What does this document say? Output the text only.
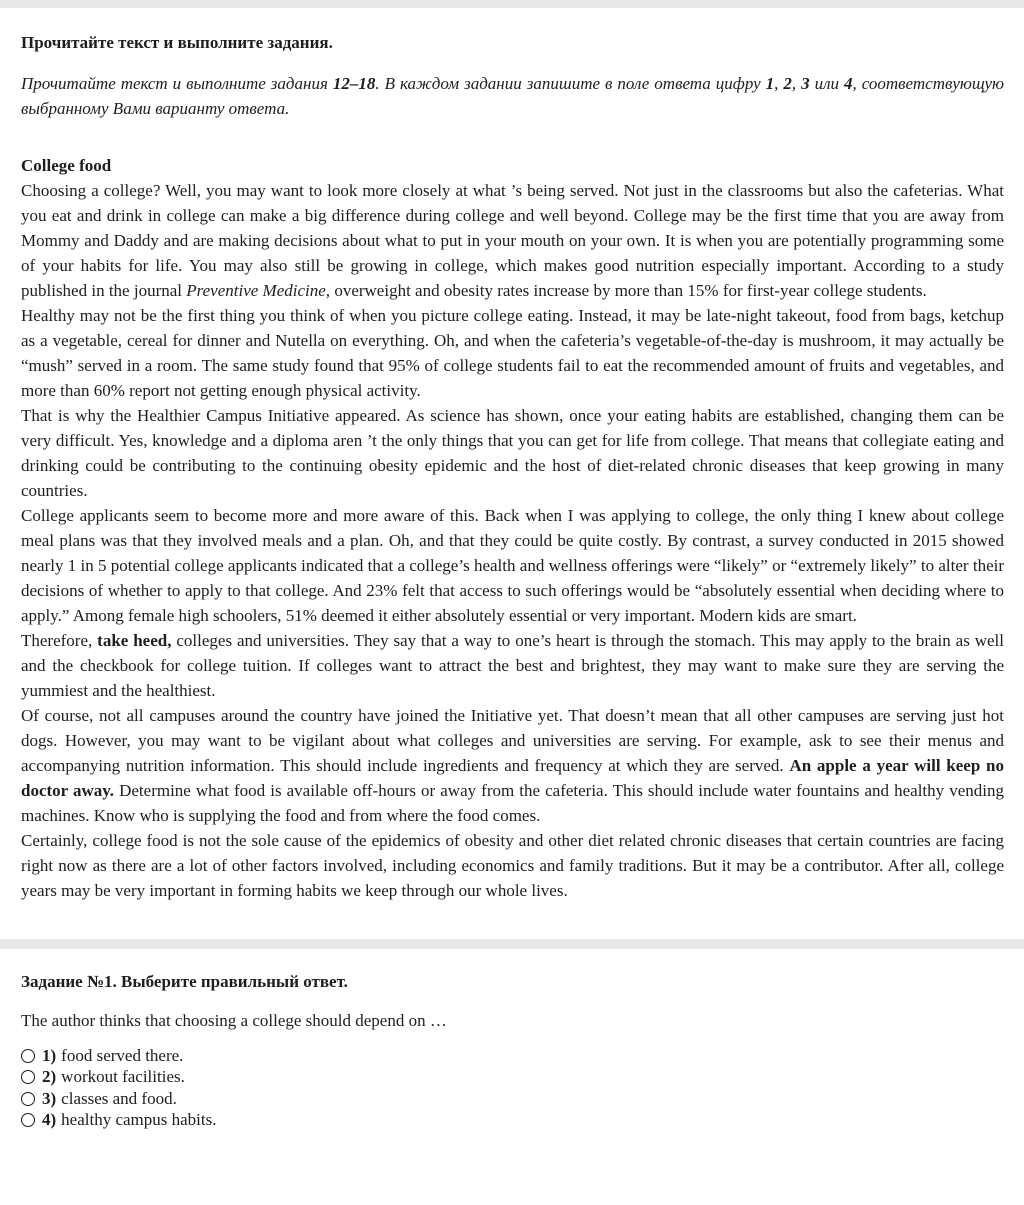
Прочитайте текст и выполните задания.

Прочитайте текст и выполните задания 12–18. В каждом задании запишите в поле ответа цифру 1, 2, 3 или 4, соответствующую выбранному Вами варианту ответа.

College food

Choosing a college? Well, you may want to look more closely at what ’s being served. Not just in the classrooms but also the cafeterias. What you eat and drink in college can make a big difference during college and well beyond. College may be the first time that you are away from Mommy and Daddy and are making decisions about what to put in your mouth on your own. It is when you are potentially programming some of your habits for life. You may also still be growing in college, which makes good nutrition especially important. According to a study published in the journal Preventive Medicine, overweight and obesity rates increase by more than 15% for first-year college students.

Healthy may not be the first thing you think of when you picture college eating. Instead, it may be late-night takeout, food from bags, ketchup as a vegetable, cereal for dinner and Nutella on everything. Oh, and when the cafeteria’s vegetable-of-the-day is mushroom, it may actually be “mush” served in a room. The same study found that 95% of college students fail to eat the recommended amount of fruits and vegetables, and more than 60% report not getting enough physical activity.

That is why the Healthier Campus Initiative appeared. As science has shown, once your eating habits are established, changing them can be very difficult. Yes, knowledge and a diploma aren ’t the only things that you can get for life from college. That means that collegiate eating and drinking could be contributing to the continuing obesity epidemic and the host of diet-related chronic diseases that keep growing in many countries.

College applicants seem to become more and more aware of this. Back when I was applying to college, the only thing I knew about college meal plans was that they involved meals and a plan. Oh, and that they could be quite costly. By contrast, a survey conducted in 2015 showed nearly 1 in 5 potential college applicants indicated that a college’s health and wellness offerings were “likely” or “extremely likely” to alter their decisions of whether to apply to that college. And 23% felt that access to such offerings would be “absolutely essential when deciding where to apply.” Among female high schoolers, 51% deemed it either absolutely essential or very important. Modern kids are smart.

Therefore, take heed, colleges and universities. They say that a way to one’s heart is through the stomach. This may apply to the brain as well and the checkbook for college tuition. If colleges want to attract the best and brightest, they may want to make sure they are serving the yummiest and the healthiest.

Of course, not all campuses around the country have joined the Initiative yet. That doesn’t mean that all other campuses are serving just hot dogs. However, you may want to be vigilant about what colleges and universities are serving. For example, ask to see their menus and accompanying nutrition information. This should include ingredients and frequency at which they are served. An apple a year will keep no doctor away. Determine what food is available off-hours or away from the cafeteria. This should include water fountains and healthy vending machines. Know who is supplying the food and from where the food comes.

Certainly, college food is not the sole cause of the epidemics of obesity and other diet related chronic diseases that certain countries are facing right now as there are a lot of other factors involved, including economics and family traditions. But it may be a contributor. After all, college years may be very important in forming habits we keep through our whole lives.

Задание №1. Выберите правильный ответ.

The author thinks that choosing a college should depend on …

1) food served there.
2) workout facilities.
3) classes and food.
4) healthy campus habits.
